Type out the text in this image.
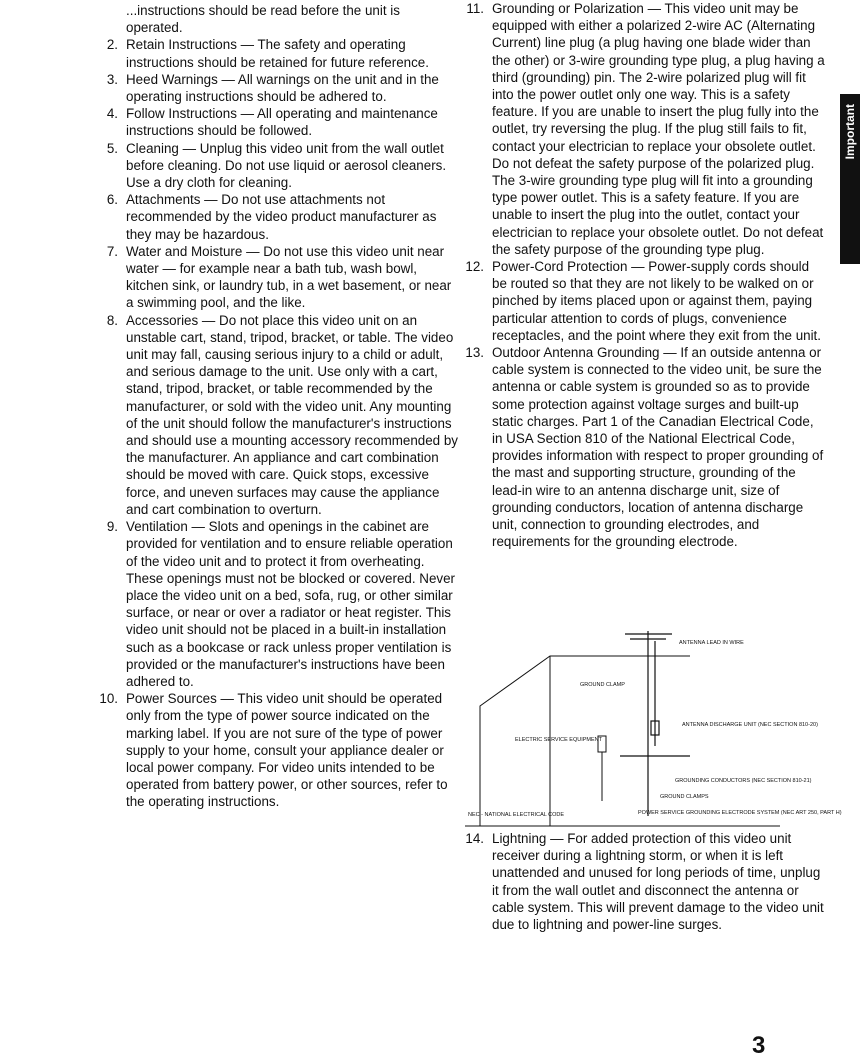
...instructions should be read before the unit is operated.
2. Retain Instructions — The safety and operating instructions should be retained for future reference.
3. Heed Warnings — All warnings on the unit and in the operating instructions should be adhered to.
4. Follow Instructions — All operating and maintenance instructions should be followed.
5. Cleaning — Unplug this video unit from the wall outlet before cleaning. Do not use liquid or aerosol cleaners. Use a dry cloth for cleaning.
6. Attachments — Do not use attachments not recommended by the video product manufacturer as they may be hazardous.
7. Water and Moisture — Do not use this video unit near water — for example near a bath tub, wash bowl, kitchen sink, or laundry tub, in a wet basement, or near a swimming pool, and the like.
8. Accessories — Do not place this video unit on an unstable cart, stand, tripod, bracket, or table. The video unit may fall, causing serious injury to a child or adult, and serious damage to the unit. Use only with a cart, stand, tripod, bracket, or table recommended by the manufacturer, or sold with the video unit. Any mounting of the unit should follow the manufacturer's instructions and should use a mounting accessory recommended by the manufacturer. An appliance and cart combination should be moved with care. Quick stops, excessive force, and uneven surfaces may cause the appliance and cart combination to overturn.
9. Ventilation — Slots and openings in the cabinet are provided for ventilation and to ensure reliable operation of the video unit and to protect it from overheating. These openings must not be blocked or covered. Never place the video unit on a bed, sofa, rug, or other similar surface, or near or over a radiator or heat register. This video unit should not be placed in a built-in installation such as a bookcase or rack unless proper ventilation is provided or the manufacturer's instructions have been adhered to.
10. Power Sources — This video unit should be operated only from the type of power source indicated on the marking label. If you are not sure of the type of power supply to your home, consult your appliance dealer or local power company. For video units intended to be operated from battery power, or other sources, refer to the operating instructions.
11. Grounding or Polarization — This video unit may be equipped with either a polarized 2-wire AC (Alternating Current) line plug (a plug having one blade wider than the other) or 3-wire grounding type plug, a plug having a third (grounding) pin. The 2-wire polarized plug will fit into the power outlet only one way. This is a safety feature. If you are unable to insert the plug fully into the outlet, try reversing the plug. If the plug still fails to fit, contact your electrician to replace your obsolete outlet. Do not defeat the safety purpose of the polarized plug. The 3-wire grounding type plug will fit into a grounding type power outlet. This is a safety feature. If you are unable to insert the plug into the outlet, contact your electrician to replace your obsolete outlet. Do not defeat the safety purpose of the grounding type plug.
12. Power-Cord Protection — Power-supply cords should be routed so that they are not likely to be walked on or pinched by items placed upon or against them, paying particular attention to cords of plugs, convenience receptacles, and the point where they exit from the unit.
13. Outdoor Antenna Grounding — If an outside antenna or cable system is connected to the video unit, be sure the antenna or cable system is grounded so as to provide some protection against voltage surges and built-up static charges. Part 1 of the Canadian Electrical Code, in USA Section 810 of the National Electrical Code, provides information with respect to proper grounding of the mast and supporting structure, grounding of the lead-in wire to an antenna discharge unit, size of grounding conductors, location of antenna discharge unit, connection to grounding electrodes, and requirements for the grounding electrode.
ANTENNA LEAD IN WIRE
GROUND CLAMP
ANTENNA DISCHARGE UNIT (NEC SECTION 810-20)
ELECTRIC SERVICE EQUIPMENT
GROUNDING CONDUCTORS (NEC SECTION 810-21)
GROUND CLAMPS
POWER SERVICE GROUNDING ELECTRODE SYSTEM (NEC ART 250, PART H)
NEC - NATIONAL ELECTRICAL CODE
14. Lightning — For added protection of this video unit receiver during a lightning storm, or when it is left unattended and unused for long periods of time, unplug it from the wall outlet and disconnect the antenna or cable system. This will prevent damage to the video unit due to lightning and power-line surges.
Important
3
